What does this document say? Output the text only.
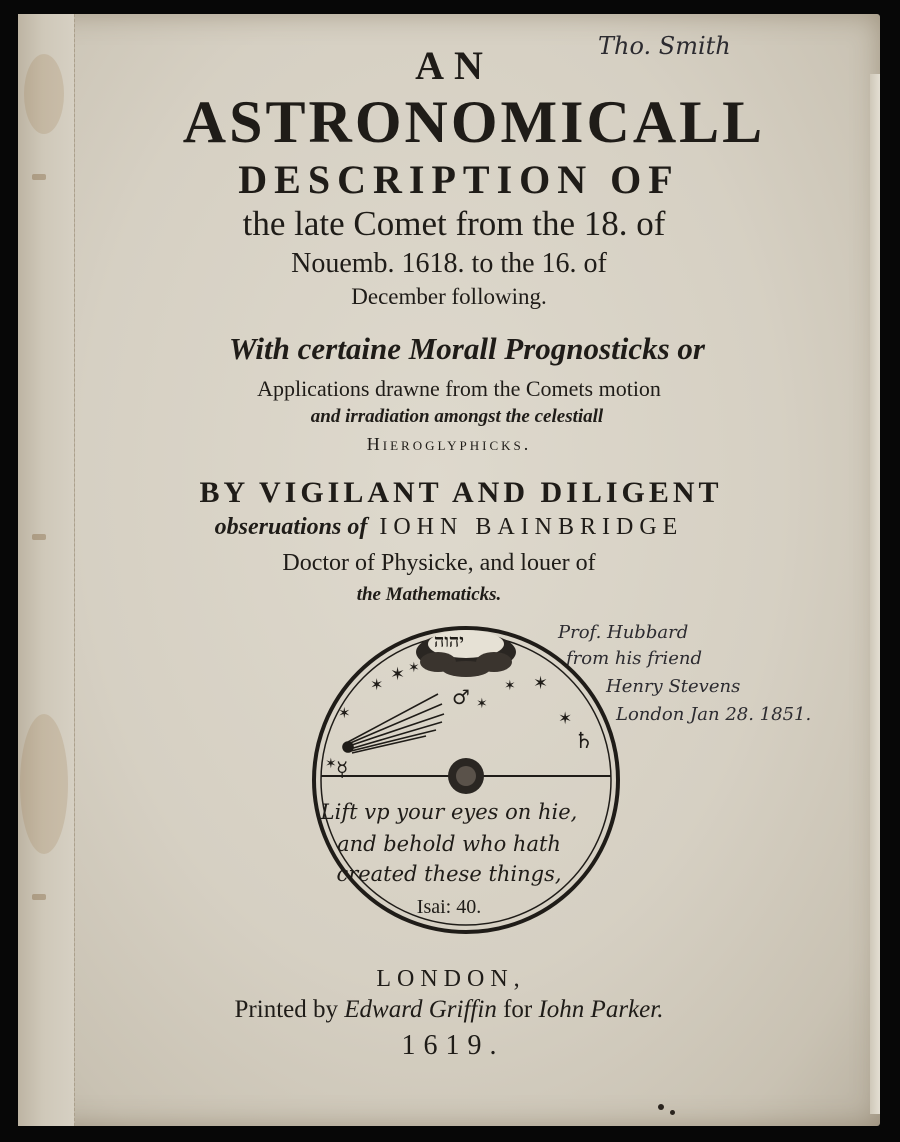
Tho. Smith

AN

ASTRONOMICALL

DESCRIPTION OF

the late Comet from the 18. of

Nouemb. 1618. to the 16. of

December following.

With certaine Morall Prognosticks or

Applications drawne from the Comets motion

and irradiation amongst the celestiall

Hieroglyphicks.

BY VIGILANT AND DILIGENT

obseruations of IOHN BAINBRIDGE

Doctor of Physicke, and louer of

the Mathematicks.

Prof. Hubbard
from his friend
Henry Stevens
London Jan 28. 1851.
✶ ✶
✶	✶ ✶
✶
✶
✶
✶
♂
♄
☿
יהוה
Lift vp your eyes on hie,
and behold who hath
created these things,
Isai: 40.

LONDON,

Printed by Edward Griffin for Iohn Parker.

1619.
